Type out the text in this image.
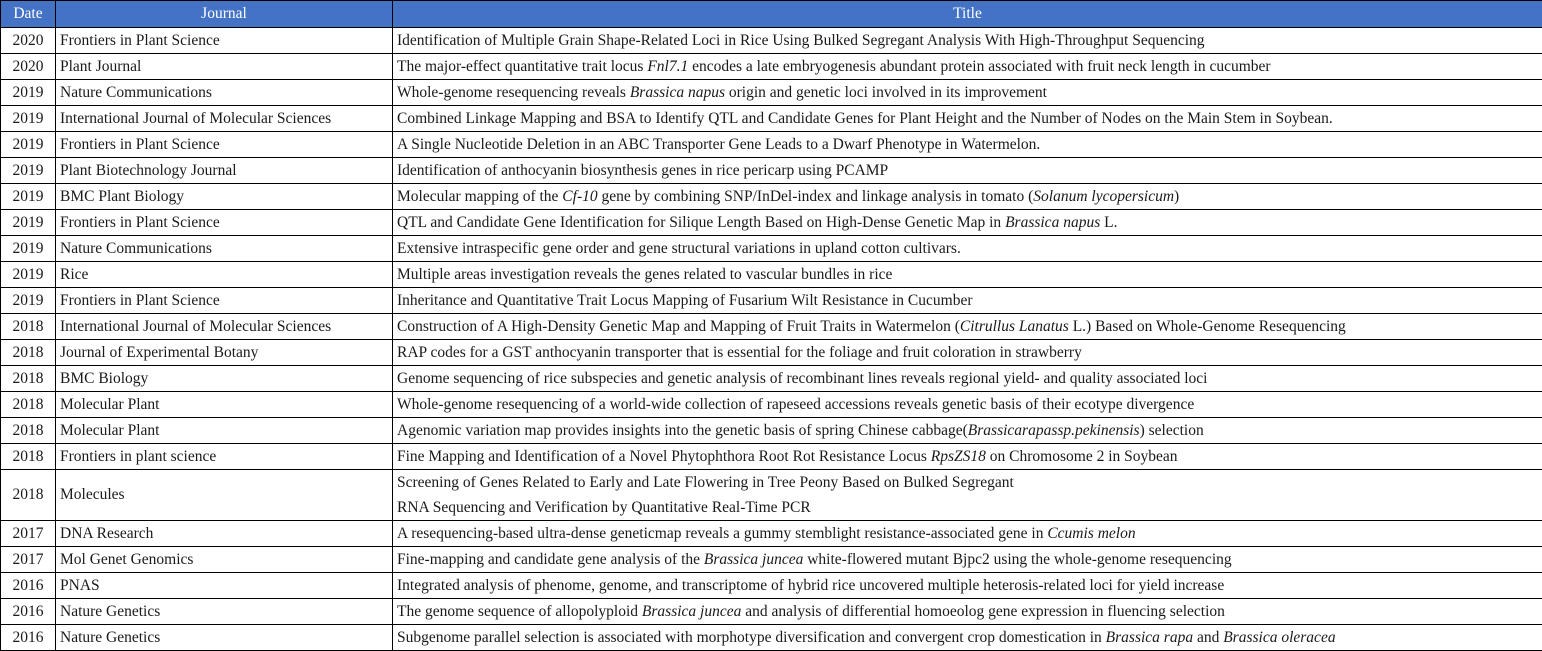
Date	Journal	Title
2020	Frontiers in Plant Science	Identification of Multiple Grain Shape-Related Loci in Rice Using Bulked Segregant Analysis With High-Throughput Sequencing

2020	Plant Journal	The major-effect quantitative trait locus Fnl7.1 encodes a late embryogenesis abundant protein associated with fruit neck length in cucumber

2019	Nature Communications	Whole-genome resequencing reveals Brassica napus origin and genetic loci involved in its improvement

2019	International Journal of Molecular Sciences	Combined Linkage Mapping and BSA to Identify QTL and Candidate Genes for Plant Height and the Number of Nodes on the Main Stem in Soybean.

2019	Frontiers in Plant Science	A Single Nucleotide Deletion in an ABC Transporter Gene Leads to a Dwarf Phenotype in Watermelon.

2019	Plant Biotechnology Journal	Identification of anthocyanin biosynthesis genes in rice pericarp using PCAMP

2019	BMC Plant Biology	Molecular mapping of the Cf-10 gene by combining SNP/InDel-index and linkage analysis in tomato (Solanum lycopersicum)

2019	Frontiers in Plant Science	QTL and Candidate Gene Identification for Silique Length Based on High-Dense Genetic Map in Brassica napus L.

2019	Nature Communications	Extensive intraspecific gene order and gene structural variations in upland cotton cultivars.

2019	Rice	Multiple areas investigation reveals the genes related to vascular bundles in rice

2019	Frontiers in Plant Science	Inheritance and Quantitative Trait Locus Mapping of Fusarium Wilt Resistance in Cucumber

2018	International Journal of Molecular Sciences	Construction of A High-Density Genetic Map and Mapping of Fruit Traits in Watermelon (Citrullus Lanatus L.) Based on Whole-Genome Resequencing

2018	Journal of Experimental Botany	RAP codes for a GST anthocyanin transporter that is essential for the foliage and fruit coloration in strawberry

2018	BMC Biology	Genome sequencing of rice subspecies and genetic analysis of recombinant lines reveals regional yield- and quality associated loci

2018	Molecular Plant	Whole-genome resequencing of a world-wide collection of rapeseed accessions reveals genetic basis of their ecotype divergence

2018	Molecular Plant	Agenomic variation map provides insights into the genetic basis of spring Chinese cabbage(Brassicarapassp.pekinensis) selection

2018	Frontiers in plant science	Fine Mapping and Identification of a Novel Phytophthora Root Rot Resistance Locus RpsZS18 on Chromosome 2 in Soybean

2018	Molecules	Screening of Genes Related to Early and Late Flowering in Tree Peony Based on Bulked Segregant
RNA Sequencing and Verification by Quantitative Real-Time PCR

2017	DNA Research	A resequencing-based ultra-dense geneticmap reveals a gummy stemblight resistance-associated gene in Ccumis melon

2017	Mol Genet Genomics	Fine-mapping and candidate gene analysis of the Brassica juncea white-flowered mutant Bjpc2 using the whole-genome resequencing

2016	PNAS	Integrated analysis of phenome, genome, and transcriptome of hybrid rice uncovered multiple heterosis-related loci for yield increase

2016	Nature Genetics	The genome sequence of allopolyploid Brassica juncea and analysis of differential homoeolog gene expression in fluencing selection

2016	Nature Genetics	Subgenome parallel selection is associated with morphotype diversification and convergent crop domestication in Brassica rapa and Brassica oleracea
